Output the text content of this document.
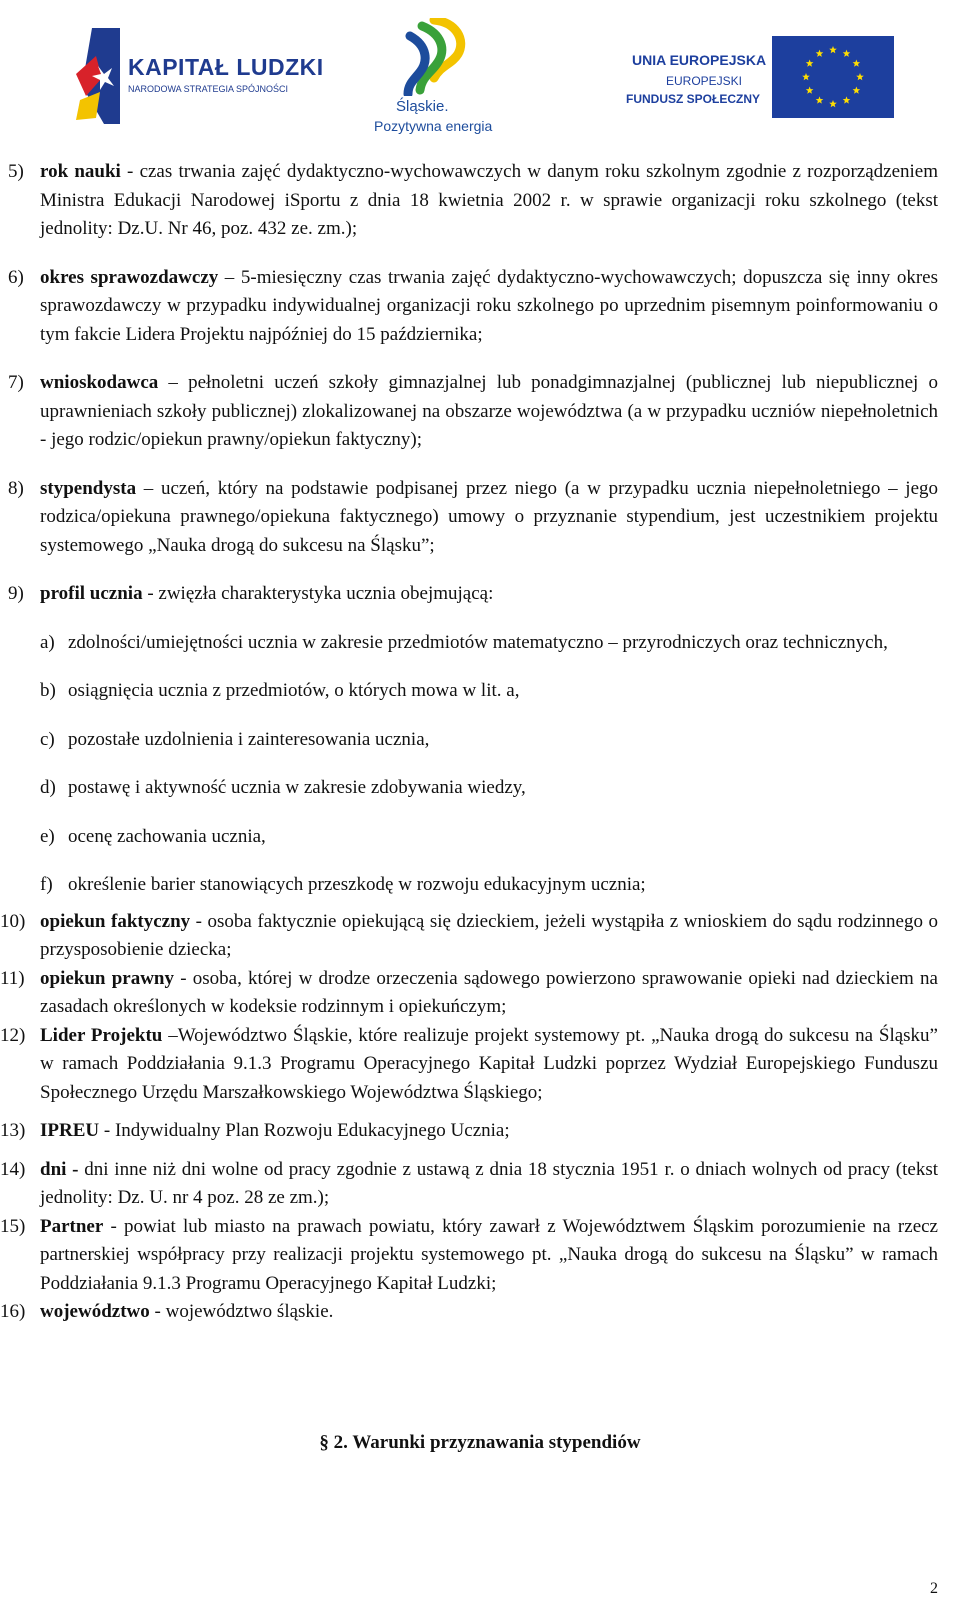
KAPITAŁ LUDZKI
NARODOWA STRATEGIA SPÓJNOŚCI
Śląskie.
Pozytywna energia
UNIA EUROPEJSKA
EUROPEJSKI
FUNDUSZ SPOŁECZNY
5) rok nauki - czas trwania zajęć dydaktyczno-wychowawczych w danym roku szkolnym zgodnie z rozporządzeniem Ministra Edukacji Narodowej iSportu z dnia 18 kwietnia 2002 r. w sprawie organizacji roku szkolnego (tekst jednolity: Dz.U. Nr 46, poz. 432 ze. zm.);
6) okres sprawozdawczy – 5-miesięczny czas trwania zajęć dydaktyczno-wychowawczych; dopuszcza się inny okres sprawozdawczy w przypadku indywidualnej organizacji roku szkolnego po uprzednim pisemnym poinformowaniu o tym fakcie Lidera Projektu najpóźniej do 15 października;
7) wnioskodawca – pełnoletni uczeń szkoły gimnazjalnej lub ponadgimnazjalnej (publicznej lub niepublicznej o uprawnieniach szkoły publicznej) zlokalizowanej na obszarze województwa (a w przypadku uczniów niepełnoletnich - jego rodzic/opiekun prawny/opiekun faktyczny);
8) stypendysta – uczeń, który na podstawie podpisanej przez niego (a w przypadku ucznia niepełnoletniego – jego rodzica/opiekuna prawnego/opiekuna faktycznego) umowy o przyznanie stypendium, jest uczestnikiem projektu systemowego „Nauka drogą do sukcesu na Śląsku”;
9) profil ucznia - zwięzła charakterystyka ucznia obejmującą:
a) zdolności/umiejętności ucznia w zakresie przedmiotów matematyczno – przyrodniczych oraz technicznych,
b) osiągnięcia ucznia z przedmiotów, o których mowa w lit. a,
c) pozostałe uzdolnienia i zainteresowania ucznia,
d) postawę i aktywność ucznia w zakresie zdobywania wiedzy,
e) ocenę zachowania ucznia,
f) określenie barier stanowiących przeszkodę w rozwoju edukacyjnym ucznia;
10) opiekun faktyczny - osoba faktycznie opiekującą się dzieckiem, jeżeli wystąpiła z wnioskiem do sądu rodzinnego o przysposobienie dziecka;
11) opiekun prawny - osoba, której w drodze orzeczenia sądowego powierzono sprawowanie opieki nad dzieckiem na zasadach określonych w kodeksie rodzinnym i opiekuńczym;
12) Lider Projektu –Województwo Śląskie, które realizuje projekt systemowy pt. „Nauka drogą do sukcesu na Śląsku” w ramach Poddziałania 9.1.3 Programu Operacyjnego Kapitał Ludzki poprzez Wydział Europejskiego Funduszu Społecznego Urzędu Marszałkowskiego Województwa Śląskiego;
13) IPREU - Indywidualny Plan Rozwoju Edukacyjnego Ucznia;
14) dni - dni inne niż dni wolne od pracy zgodnie z ustawą z dnia 18 stycznia 1951 r. o dniach wolnych od pracy (tekst jednolity: Dz. U. nr 4 poz. 28 ze zm.);
15) Partner - powiat lub miasto na prawach powiatu, który zawarł z Województwem Śląskim porozumienie na rzecz partnerskiej współpracy przy realizacji projektu systemowego pt. „Nauka drogą do sukcesu na Śląsku” w ramach Poddziałania 9.1.3 Programu Operacyjnego Kapitał Ludzki;
16) województwo - województwo śląskie.
§ 2. Warunki przyznawania stypendiów
2
